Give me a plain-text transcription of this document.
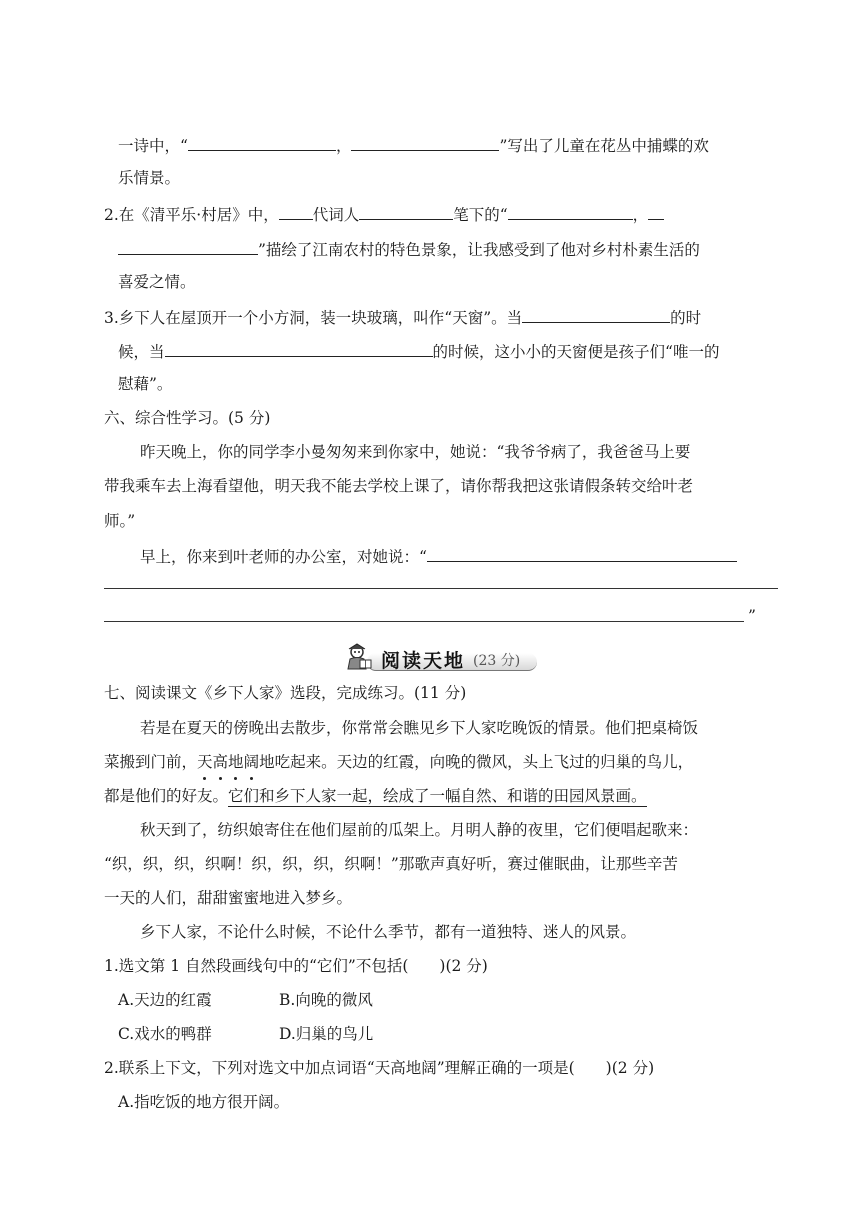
一诗中，“	，	”写出了儿童在花丛中捕蝶的欢
乐情景。
2.在《清平乐·村居》中， 代词人	笔下的“	，
”描绘了江南农村的特色景象，让我感受到了他对乡村朴素生活的
喜爱之情。
3.乡下人在屋顶开一个小方洞，装一块玻璃，叫作“天窗”。当	的时
候，当	的时候，这小小的天窗便是孩子们“唯一的
慰藉”。
六、综合性学习。(5 分)
昨天晚上，你的同学李小曼匆匆来到你家中，她说：“我爷爷病了，我爸爸马上要
带我乘车去上海看望他，明天我不能去学校上课了，请你帮我把这张请假条转交给叶老
师。”
早上，你来到叶老师的办公室，对她说：“
”
阅读天地 (23 分)
七、阅读课文《乡下人家》选段，完成练习。(11 分)
若是在夏天的傍晚出去散步，你常常会瞧见乡下人家吃晚饭的情景。他们把桌椅饭
菜搬到门前，天高地阔地吃起来。天边的红霞，向晚的微风，头上飞过的归巢的鸟儿，
都是他们的好友。它们和乡下人家一起，绘成了一幅自然、和谐的田园风景画。
秋天到了，纺织娘寄住在他们屋前的瓜架上。月明人静的夜里，它们便唱起歌来：
“织，织，织，织啊！织，织，织，织啊！”那歌声真好听，赛过催眠曲，让那些辛苦
一天的人们，甜甜蜜蜜地进入梦乡。
乡下人家，不论什么时候，不论什么季节，都有一道独特、迷人的风景。
1.选文第 1 自然段画线句中的“它们”不包括(　　)(2 分)
A.天边的红霞	B.向晚的微风
C.戏水的鸭群	D.归巢的鸟儿
2.联系上下文，下列对选文中加点词语“天高地阔”理解正确的一项是(　　)(2 分)
A.指吃饭的地方很开阔。
